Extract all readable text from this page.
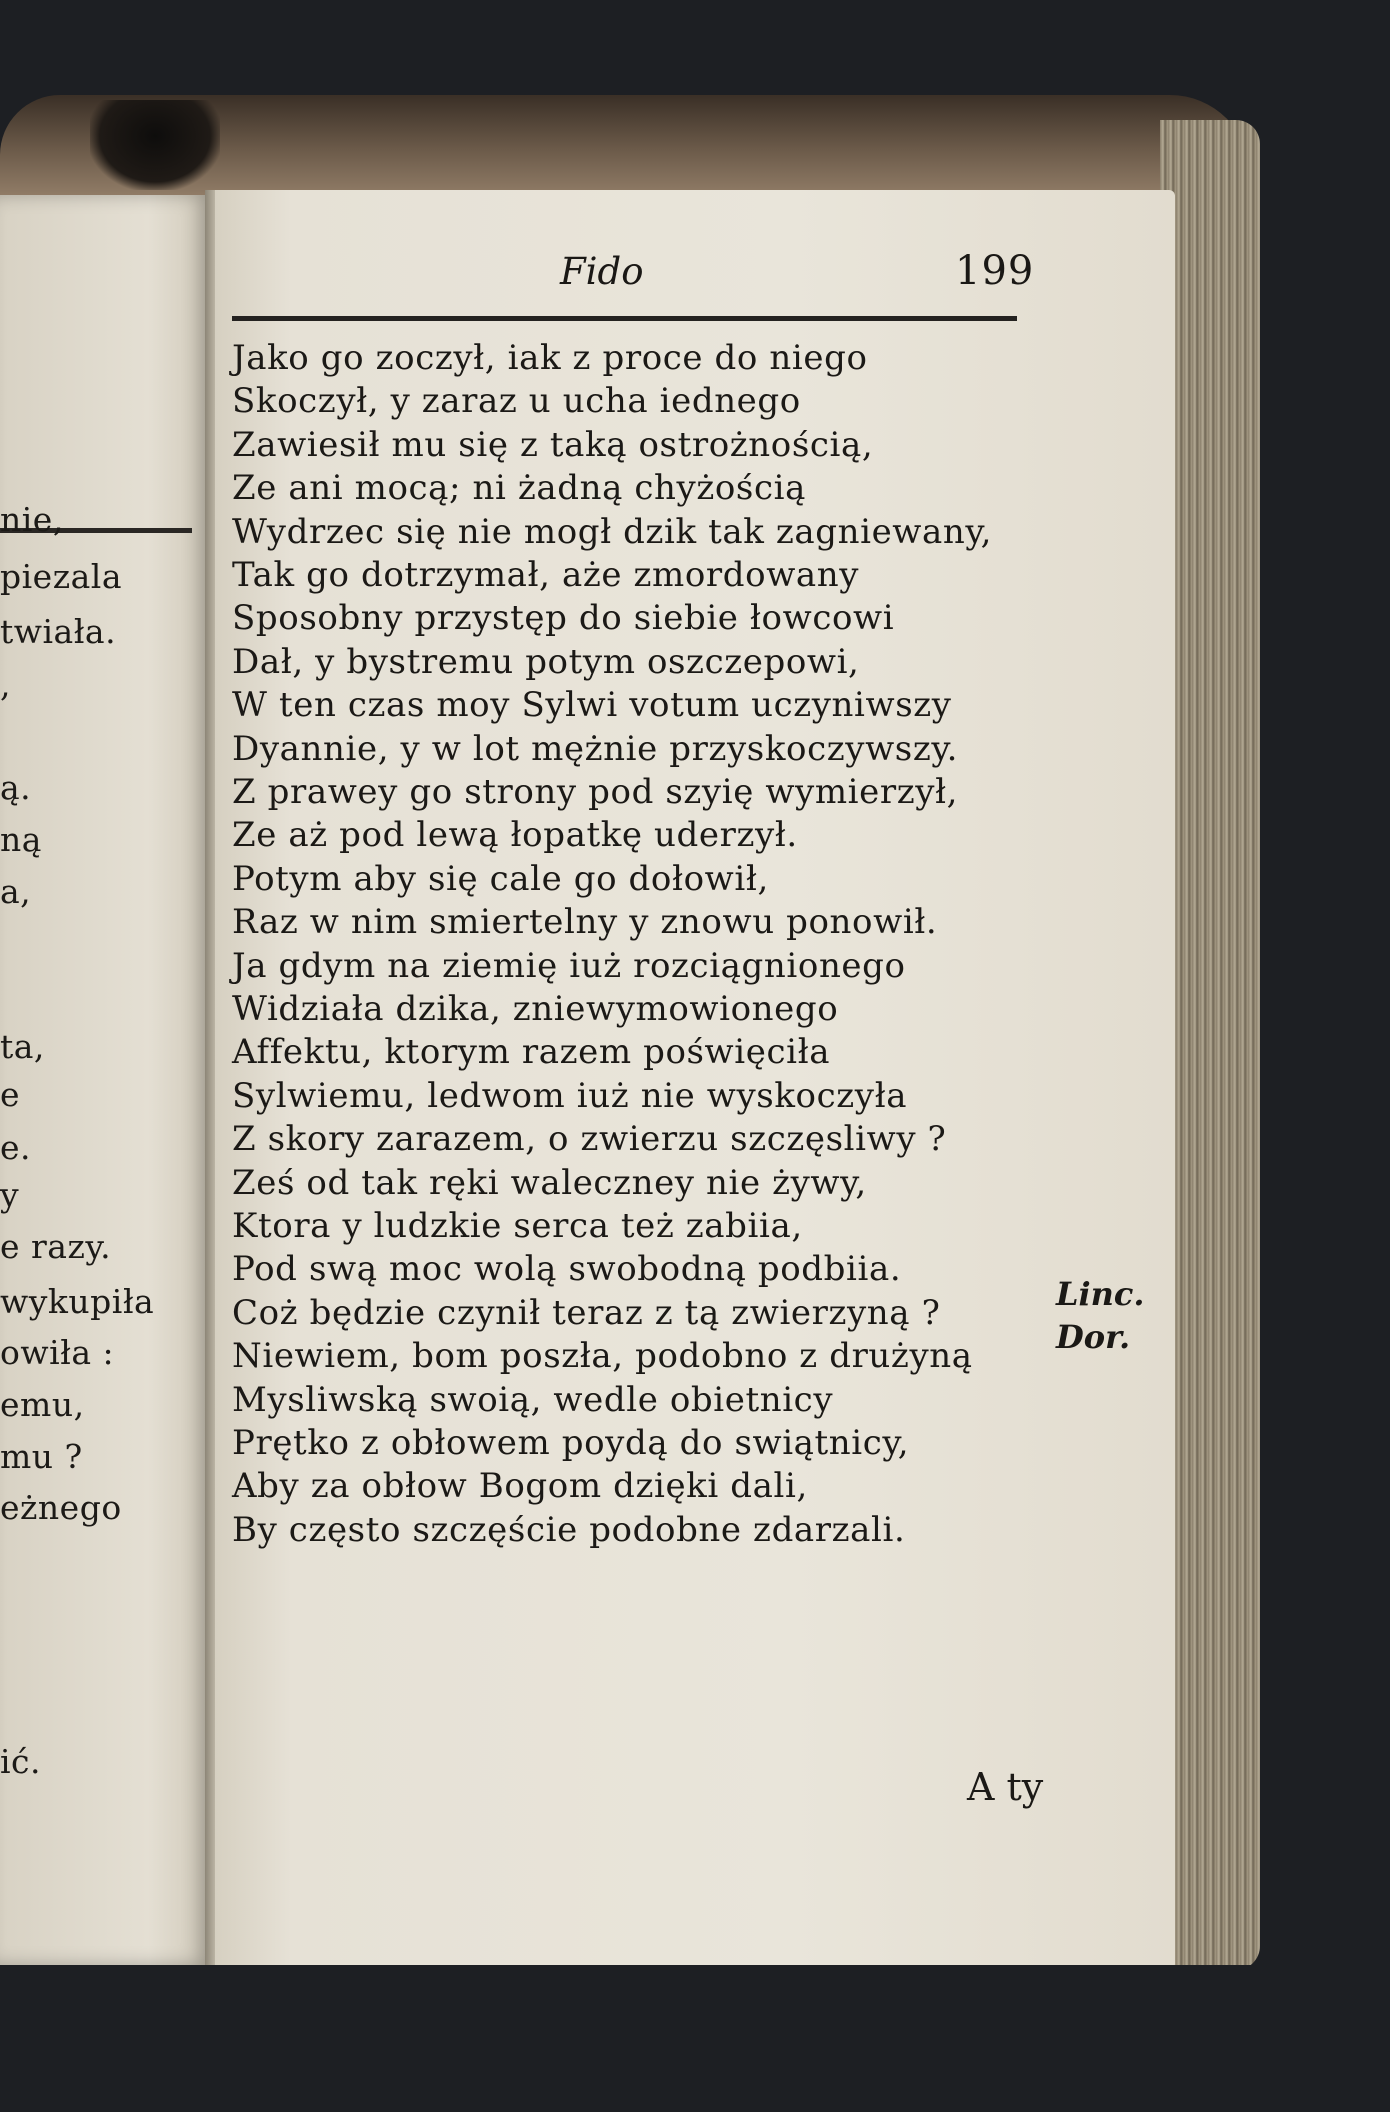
nie,
piezala
twiała.
,
ą.
ną
a,
ta,
e
e.
y
e razy.
wykupiła
owiła :
emu,
mu ?
eżnego
ić.
Fido	199
Jako go zoczył, iak z proce do niego
Skoczył, y zaraz u ucha iednego
Zawiesił mu się z taką ostrożnością,
Ze ani mocą; ni żadną chyżością
Wydrzec się nie mogł dzik tak zagniewany,
Tak go dotrzymał, aże zmordowany
Sposobny przystęp do siebie łowcowi
Dał, y bystremu potym oszczepowi,
W ten czas moy Sylwi votum uczyniwszy
Dyannie, y w lot mężnie przyskoczywszy.
Z prawey go strony pod szyię wymierzył,
Ze aż pod lewą łopatkę uderzył.
Potym aby się cale go dołowił,
Raz w nim smiertelny y znowu ponowił.
Ja gdym na ziemię iuż rozciągnionego
Widziała dzika, zniewymowionego
Affektu, ktorym razem poświęciła
Sylwiemu, ledwom iuż nie wyskoczyła
Z skory zarazem, o zwierzu szczęsliwy ?
Ześ od tak ręki waleczney nie żywy,
Ktora y ludzkie serca też zabiia,
Pod swą moc wolą swobodną podbiia.
Coż będzie czynił teraz z tą zwierzyną ?
Niewiem, bom poszła, podobno z drużyną
Mysliwską swoią, wedle obietnicy
Prętko z obłowem poydą do swiątnicy,
Aby za obłow Bogom dzięki dali,
By często szczęście podobne zdarzali.
Linc.
Dor.
A ty
